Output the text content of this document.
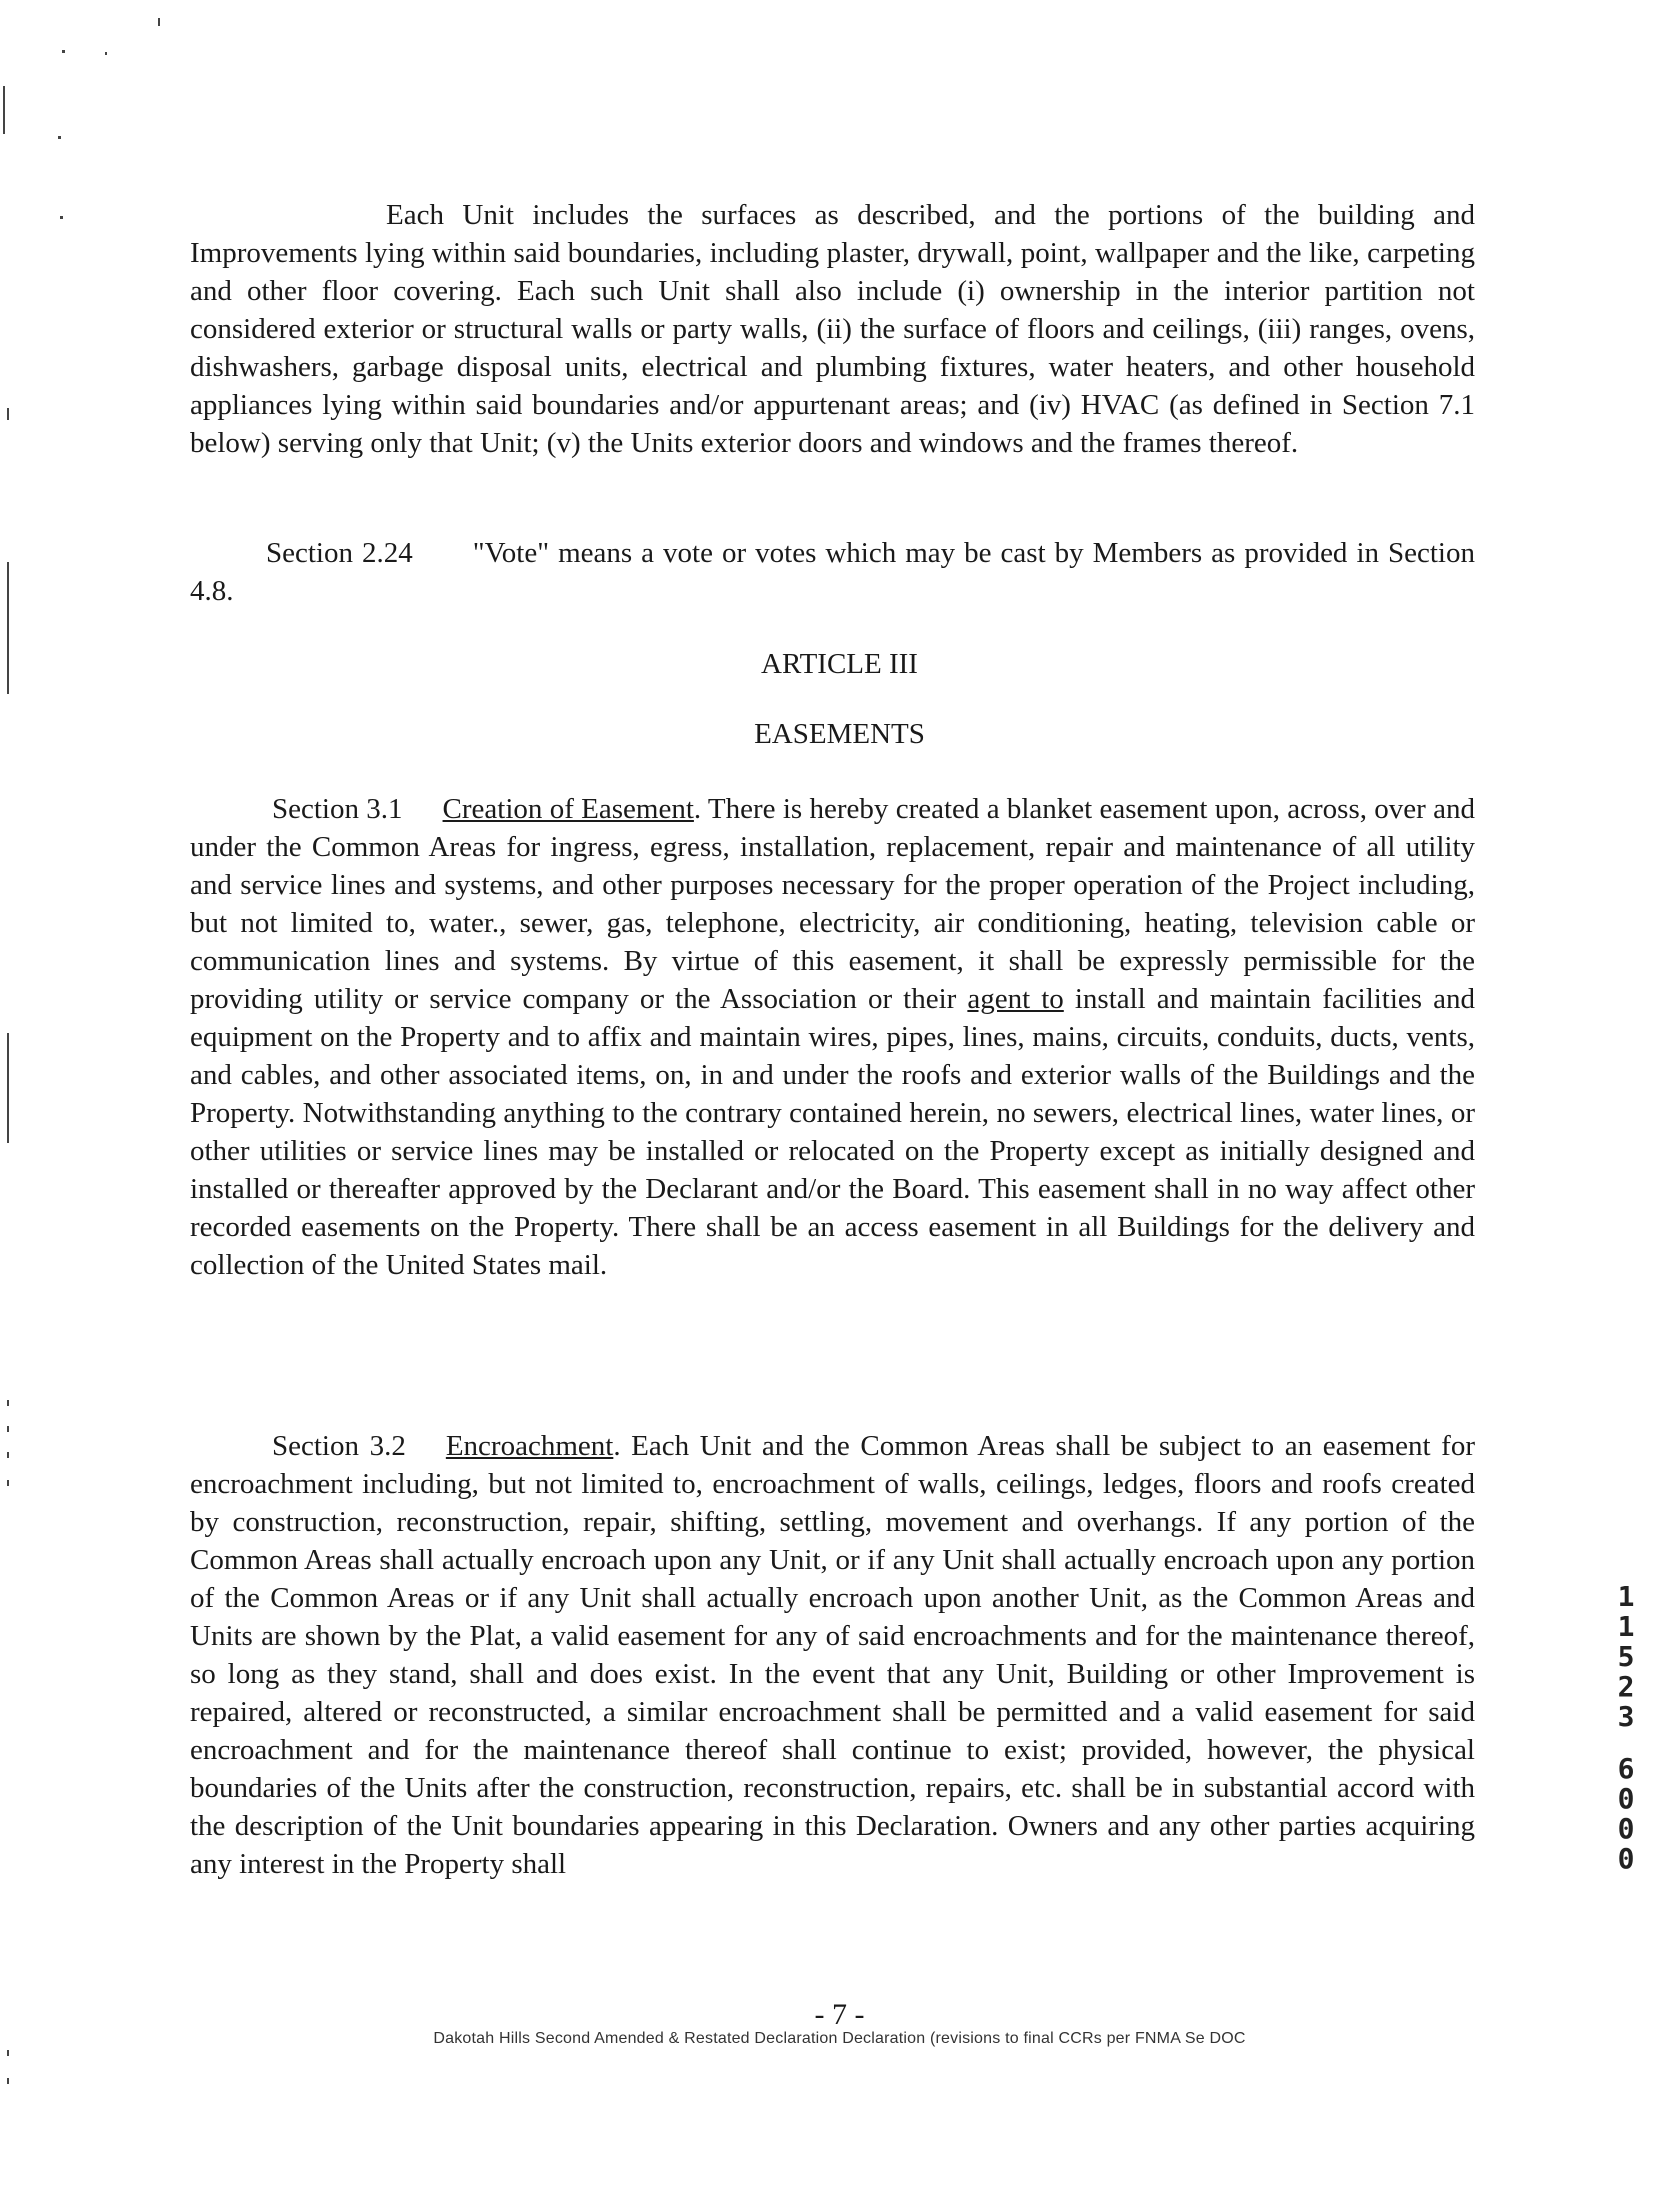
Each Unit includes the surfaces as described, and the portions of the building and Improvements lying within said boundaries, including plaster, drywall, point, wallpaper and the like, carpeting and other floor covering. Each such Unit shall also include (i) ownership in the interior partition not considered exterior or structural walls or party walls, (ii) the surface of floors and ceilings, (iii) ranges, ovens, dishwashers, garbage disposal units, electrical and plumbing fixtures, water heaters, and other household appliances lying within said boundaries and/or appurtenant areas; and (iv) HVAC (as defined in Section 7.1 below) serving only that Unit; (v) the Units exterior doors and windows and the frames thereof.

Section 2.24 "Vote" means a vote or votes which may be cast by Members as provided in Section 4.8.

ARTICLE III
EASEMENTS

Section 3.1 Creation of Easement. There is hereby created a blanket easement upon, across, over and under the Common Areas for ingress, egress, installation, replacement, repair and maintenance of all utility and service lines and systems, and other purposes necessary for the proper operation of the Project including, but not limited to, water., sewer, gas, telephone, electricity, air conditioning, heating, television cable or communication lines and systems. By virtue of this easement, it shall be expressly permissible for the providing utility or service company or the Association or their agent to install and maintain facilities and equipment on the Property and to affix and maintain wires, pipes, lines, mains, circuits, conduits, ducts, vents, and cables, and other associated items, on, in and under the roofs and exterior walls of the Buildings and the Property. Notwithstanding anything to the contrary contained herein, no sewers, electrical lines, water lines, or other utilities or service lines may be installed or relocated on the Property except as initially designed and installed or thereafter approved by the Declarant and/or the Board. This easement shall in no way affect other recorded easements on the Property. There shall be an access easement in all Buildings for the delivery and collection of the United States mail.

Section 3.2 Encroachment. Each Unit and the Common Areas shall be subject to an easement for encroachment including, but not limited to, encroachment of walls, ceilings, ledges, floors and roofs created by construction, reconstruction, repair, shifting, settling, movement and overhangs. If any portion of the Common Areas shall actually encroach upon any Unit, or if any Unit shall actually encroach upon any portion of the Common Areas or if any Unit shall actually encroach upon another Unit, as the Common Areas and Units are shown by the Plat, a valid easement for any of said encroachments and for the maintenance thereof, so long as they stand, shall and does exist. In the event that any Unit, Building or other Improvement is repaired, altered or reconstructed, a similar encroachment shall be permitted and a valid easement for said encroachment and for the maintenance thereof shall continue to exist; provided, however, the physical boundaries of the Units after the construction, reconstruction, repairs, etc. shall be in substantial accord with the description of the Unit boundaries appearing in this Declaration. Owners and any other parties acquiring any interest in the Property shall

- 7 -
Dakotah Hills Second Amended & Restated Declaration Declaration (revisions to final CCRs per FNMA Se DOC
1
1
5
2
3
6
0
0
0
